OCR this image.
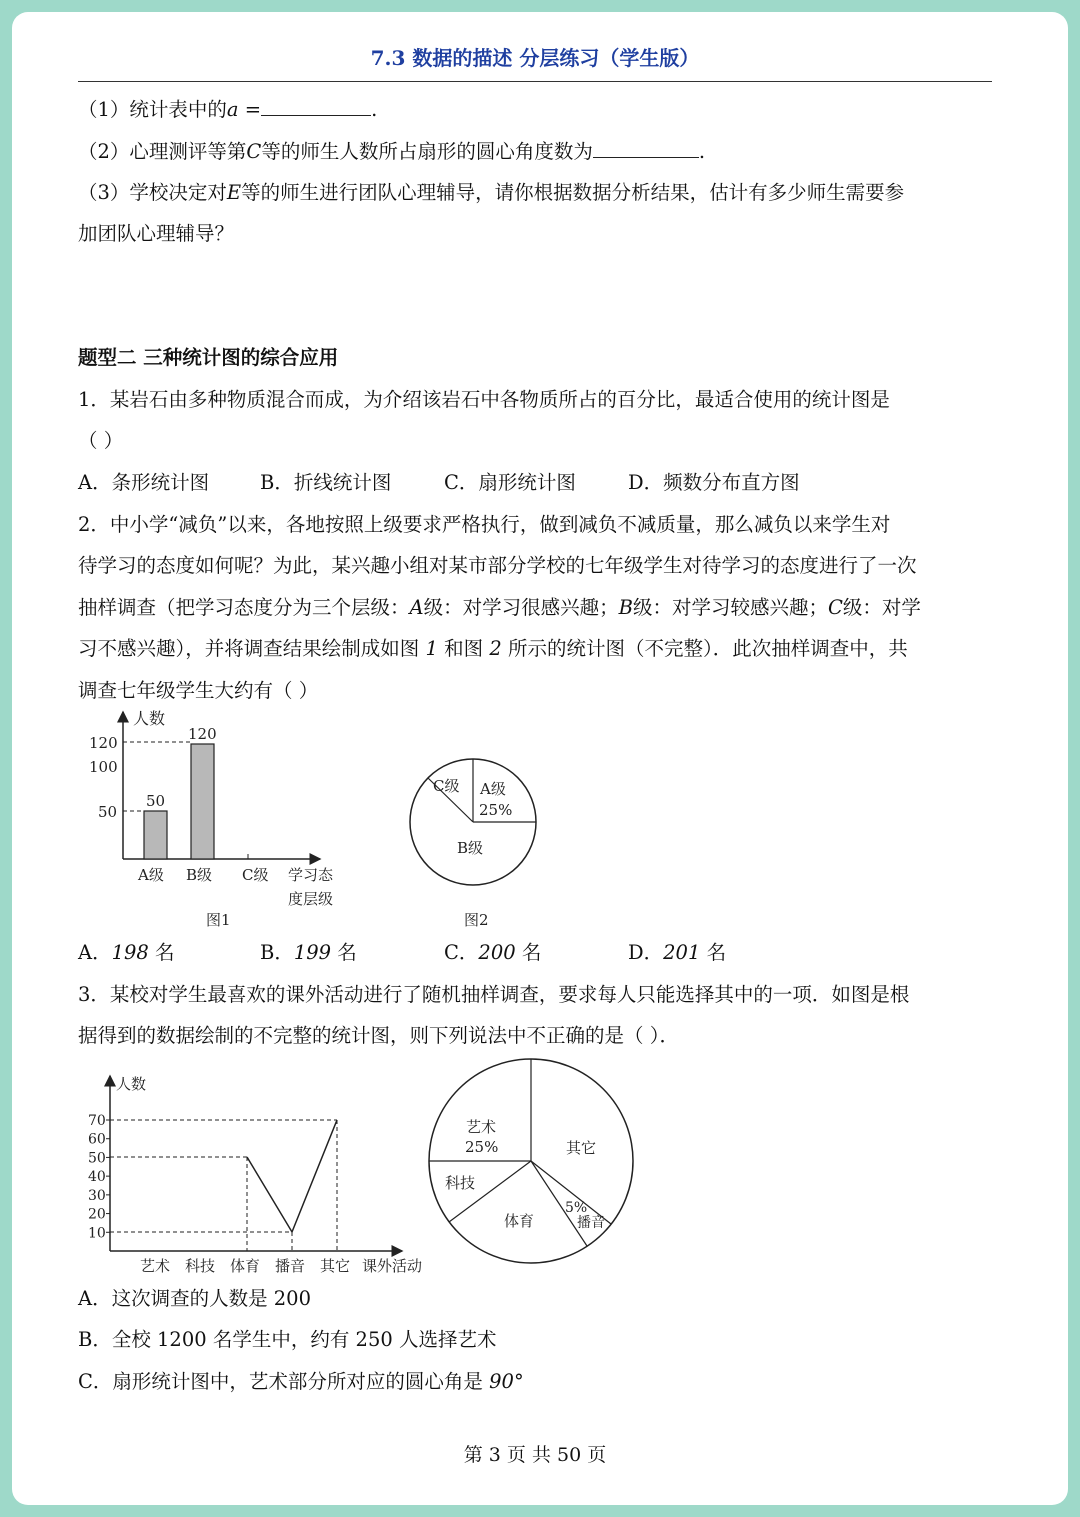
7.3 数据的描述 分层练习（学生版）
（1）统计表中的a =	.
（2）心理测评等第C等的师生人数所占扇形的圆心角度数为	.
（3）学校决定对E等的师生进行团队心理辅导，请你根据数据分析结果，估计有多少师生需要参
加团队心理辅导？
题型二 三种统计图的综合应用
1．某岩石由多种物质混合而成，为介绍该岩石中各物质所占的百分比，最适合使用的统计图是
（ ）
A．条形统计图	B．折线统计图	C．扇形统计图	D．频数分布直方图
2．中小学“减负”以来，各地按照上级要求严格执行，做到减负不减质量，那么减负以来学生对
待学习的态度如何呢？为此，某兴趣小组对某市部分学校的七年级学生对待学习的态度进行了一次
抽样调查（把学习态度分为三个层级：A级：对学习很感兴趣；B级：对学习较感兴趣；C级：对学
习不感兴趣），并将调查结果绘制成如图 1 和图 2 所示的统计图（不完整）．此次抽样调查中，共
调查七年级学生大约有（ ）
人数
120
100
50
50
120
A级 B级 C级 学习态
度层级
图1
A级
25%
C级
B级
图2
A．198 名	B．199 名	C．200 名	D．201 名
3．某校对学生最喜欢的课外活动进行了随机抽样调查，要求每人只能选择其中的一项．如图是根
据得到的数据绘制的不完整的统计图，则下列说法中不正确的是（ ）．
人数
10
20
30
40
50
60
70
艺术 科技 体育 播音 其它 课外活动
艺术
25%	其它
科技
体育
5%
播音
A．这次调查的人数是 200
B．全校 1200 名学生中，约有 250 人选择艺术
C．扇形统计图中，艺术部分所对应的圆心角是 90°
第 3 页 共 50 页
